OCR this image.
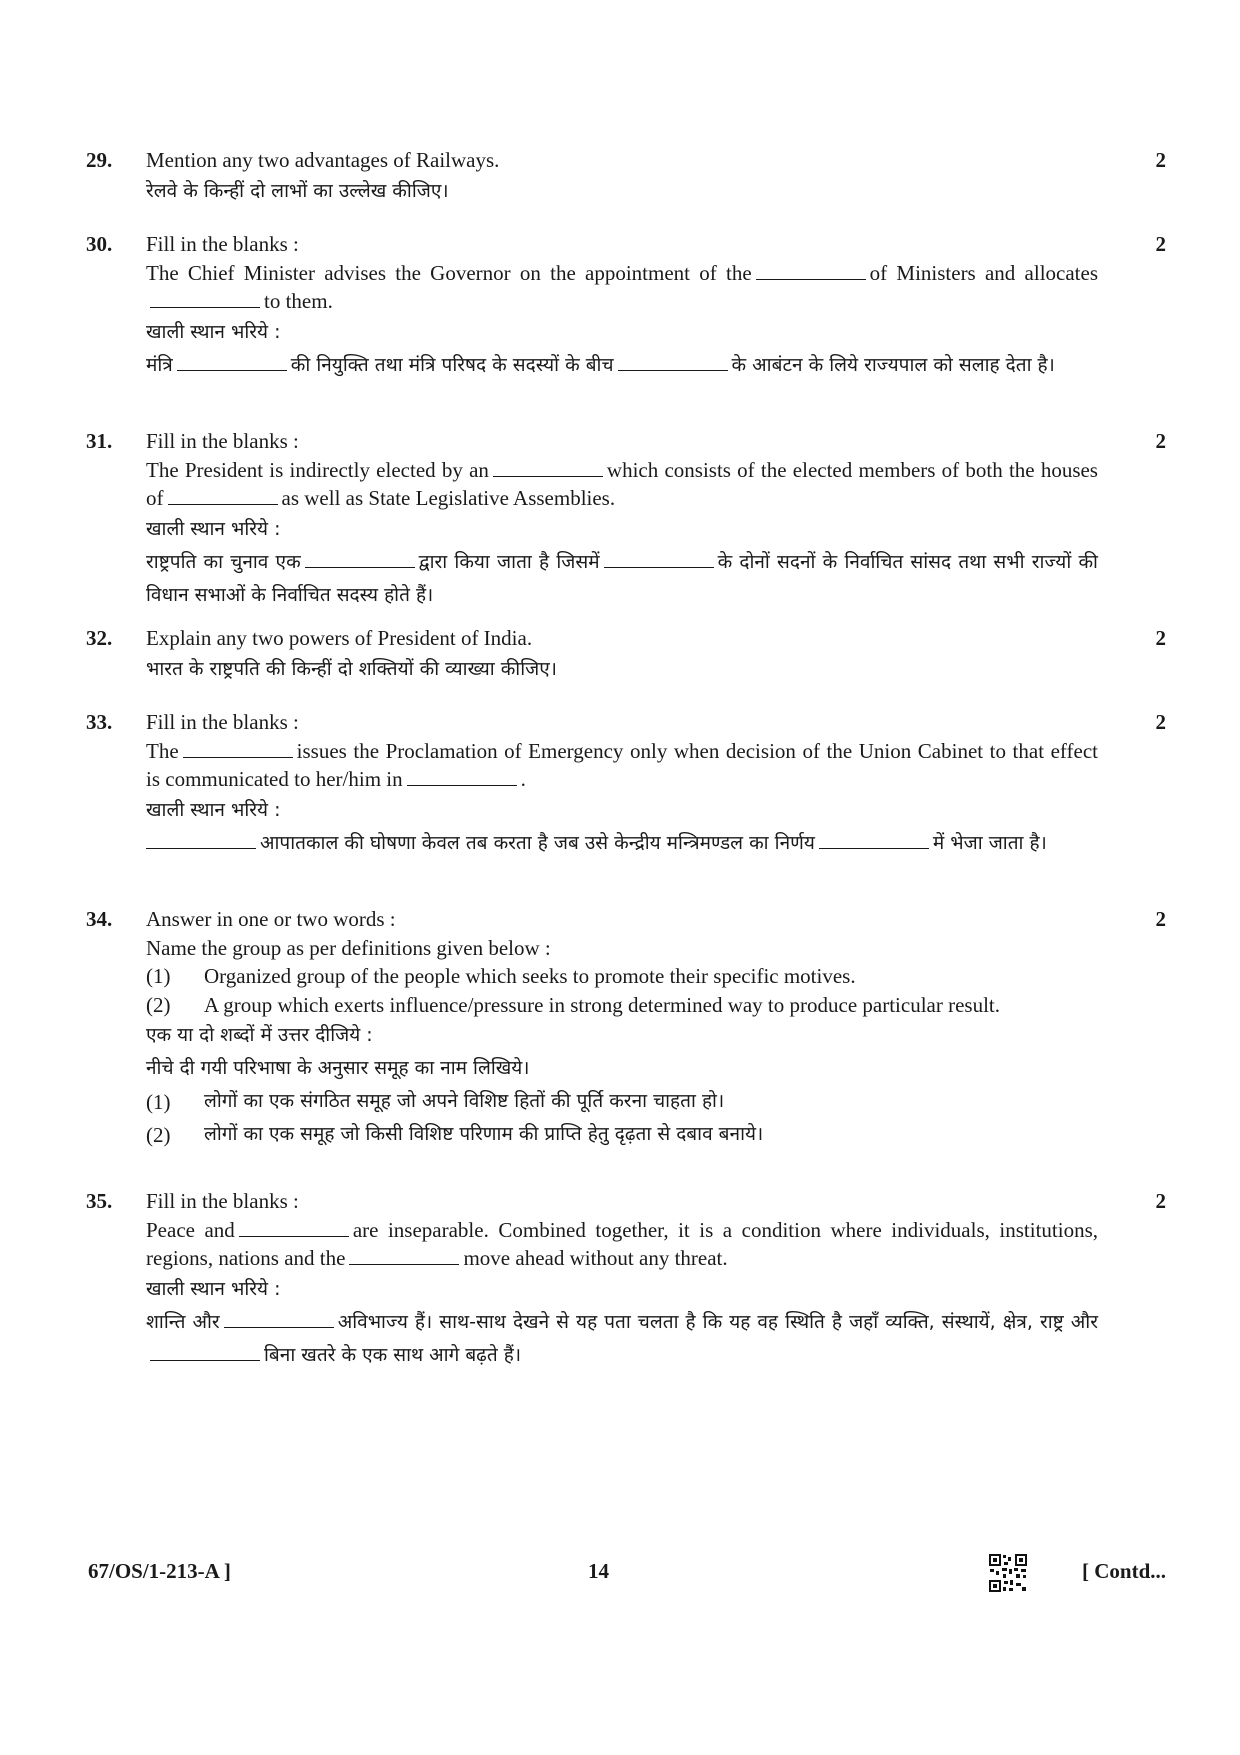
29.	2
Mention any two advantages of Railways.
रेलवे के किन्हीं दो लाभों का उल्लेख कीजिए।
30.	2
Fill in the blanks :
The Chief Minister advises the Governor on the appointment of the	of Ministers and allocatesto them.
खाली स्थान भरिये :
मंत्रि	की नियुक्ति तथा मंत्रि परिषद के सदस्यों के बीच	के आबंटन के लिये राज्यपाल को सलाह देता है।
31.	2
Fill in the blanks :
The President is indirectly elected by an	which consists of the elected members of both the houses of	as well as State Legislative Assemblies.
खाली स्थान भरिये :
राष्ट्रपति का चुनाव एक	द्वारा किया जाता है जिसमें	के दोनों सदनों के निर्वाचित सांसद तथा सभी राज्यों की विधान सभाओं के निर्वाचित सदस्य होते हैं।
32.	2
Explain any two powers of President of India.
भारत के राष्ट्रपति की किन्हीं दो शक्तियों की व्याख्या कीजिए।
33.	2
Fill in the blanks :
The	issues the Proclamation of Emergency only when decision of the Union Cabinet to that effect is communicated to her/him in	.
खाली स्थान भरिये :
आपातकाल की घोषणा केवल तब करता है जब उसे केन्द्रीय मन्त्रिमण्डल का निर्णय	में भेजा जाता है।
34.	2
Answer in one or two words :
Name the group as per definitions given below :
(1) Organized group of the people which seeks to promote their specific motives.
(2) A group which exerts influence/pressure in strong determined way to produce particular result.
एक या दो शब्दों में उत्तर दीजिये :
नीचे दी गयी परिभाषा के अनुसार समूह का नाम लिखिये।
(1) लोगों का एक संगठित समूह जो अपने विशिष्ट हितों की पूर्ति करना चाहता हो।
(2) लोगों का एक समूह जो किसी विशिष्ट परिणाम की प्राप्ति हेतु दृढ़ता से दबाव बनाये।
35.	2
Fill in the blanks :
Peace and	are inseparable. Combined together, it is a condition where individuals, institutions, regions, nations and the	move ahead without any threat.
खाली स्थान भरिये :
शान्ति और	अविभाज्य हैं। साथ-साथ देखने से यह पता चलता है कि यह वह स्थिति है जहाँ व्यक्ति, संस्थायें, क्षेत्र, राष्ट्र औरबिना खतरे के एक साथ आगे बढ़ते हैं।
67/OS/1-213-A ]	14	[ Contd...
